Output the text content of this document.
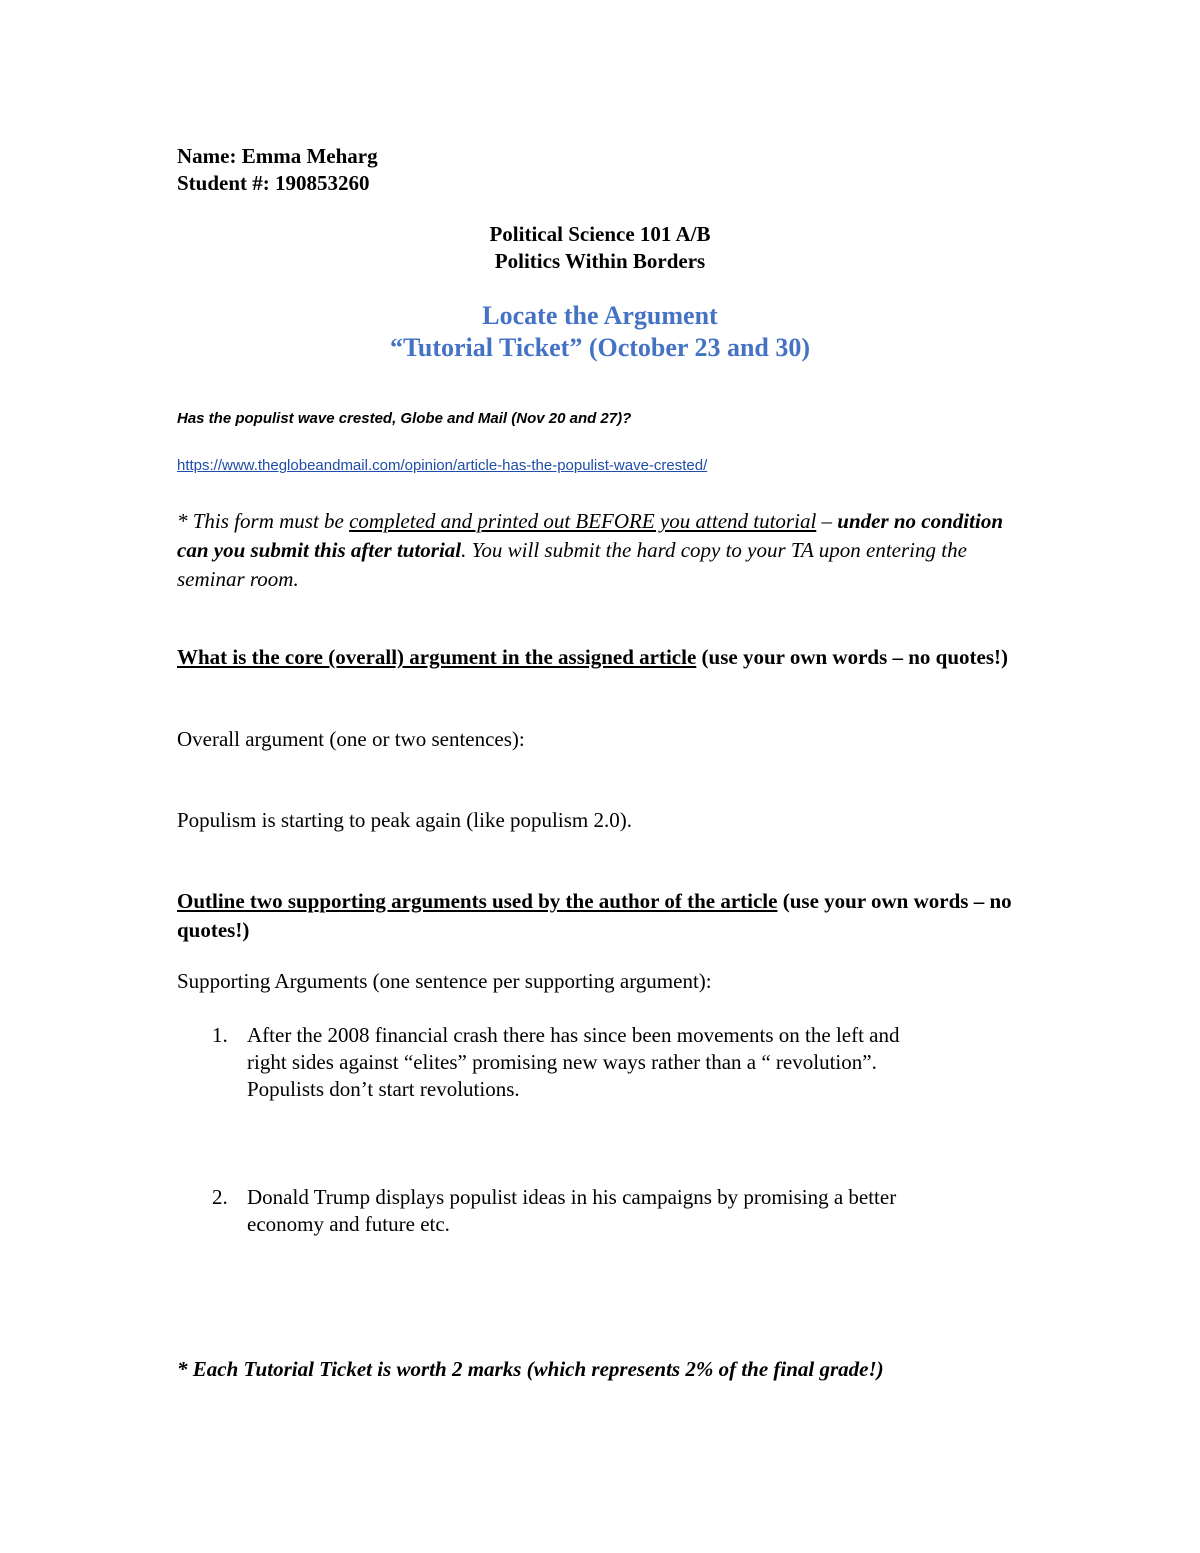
Name: Emma Meharg
Student #: 190853260
Political Science 101 A/B
Politics Within Borders
Locate the Argument
“Tutorial Ticket” (October 23 and 30)
Has the populist wave crested, Globe and Mail (Nov 20 and 27)?
https://www.theglobeandmail.com/opinion/article-has-the-populist-wave-crested/
* This form must be completed and printed out BEFORE you attend tutorial – under no condition can you submit this after tutorial. You will submit the hard copy to your TA upon entering the seminar room.
What is the core (overall) argument in the assigned article (use your own words – no quotes!)
Overall argument (one or two sentences):
Populism is starting to peak again (like populism 2.0).
Outline two supporting arguments used by the author of the article (use your own words – no quotes!)
Supporting Arguments (one sentence per supporting argument):
1. After the 2008 financial crash there has since been movements on the left and
right sides against “elites” promising new ways rather than a “ revolution”.
Populists don’t start revolutions.
2. Donald Trump displays populist ideas in his campaigns by promising a better
economy and future etc.
* Each Tutorial Ticket is worth 2 marks (which represents 2% of the final grade!)
